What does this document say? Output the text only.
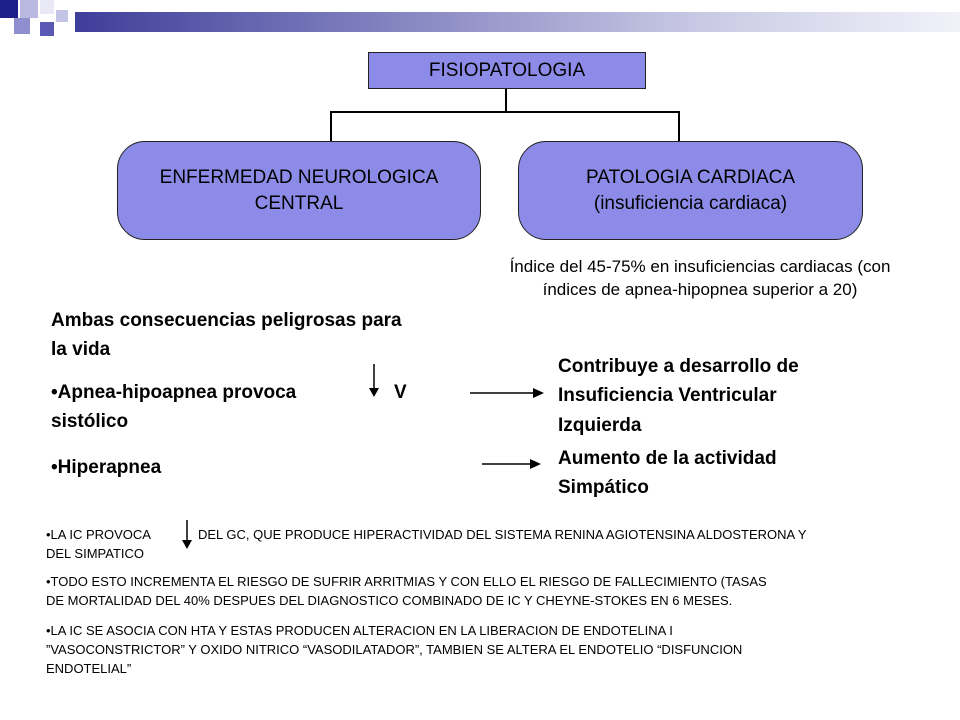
FISIOPATOLOGIA
ENFERMEDAD NEUROLOGICA
CENTRAL
PATOLOGIA CARDIACA
(insuficiencia cardiaca)
Índice del 45-75% en insuficiencias cardiacas (con
índices de apnea-hipopnea superior a 20)
Ambas consecuencias peligrosas para
la vida
•Apnea-hipoapnea provoca	V
sistólico
•Hiperapnea
Contribuye a desarrollo de
Insuficiencia Ventricular
Izquierda
Aumento de la actividad
Simpático
•LA IC PROVOCA	DEL GC, QUE PRODUCE HIPERACTIVIDAD DEL SISTEMA RENINA AGIOTENSINA ALDOSTERONA Y
DEL SIMPATICO
•TODO ESTO INCREMENTA EL RIESGO DE SUFRIR ARRITMIAS Y CON ELLO EL RIESGO DE FALLECIMIENTO (TASAS
DE MORTALIDAD DEL 40% DESPUES DEL DIAGNOSTICO COMBINADO DE IC Y CHEYNE-STOKES EN 6 MESES.
•LA IC SE ASOCIA CON HTA Y ESTAS PRODUCEN ALTERACION EN LA LIBERACION DE ENDOTELINA I
”VASOCONSTRICTOR” Y OXIDO NITRICO “VASODILATADOR”, TAMBIEN SE ALTERA EL ENDOTELIO “DISFUNCION
ENDOTELIAL”
